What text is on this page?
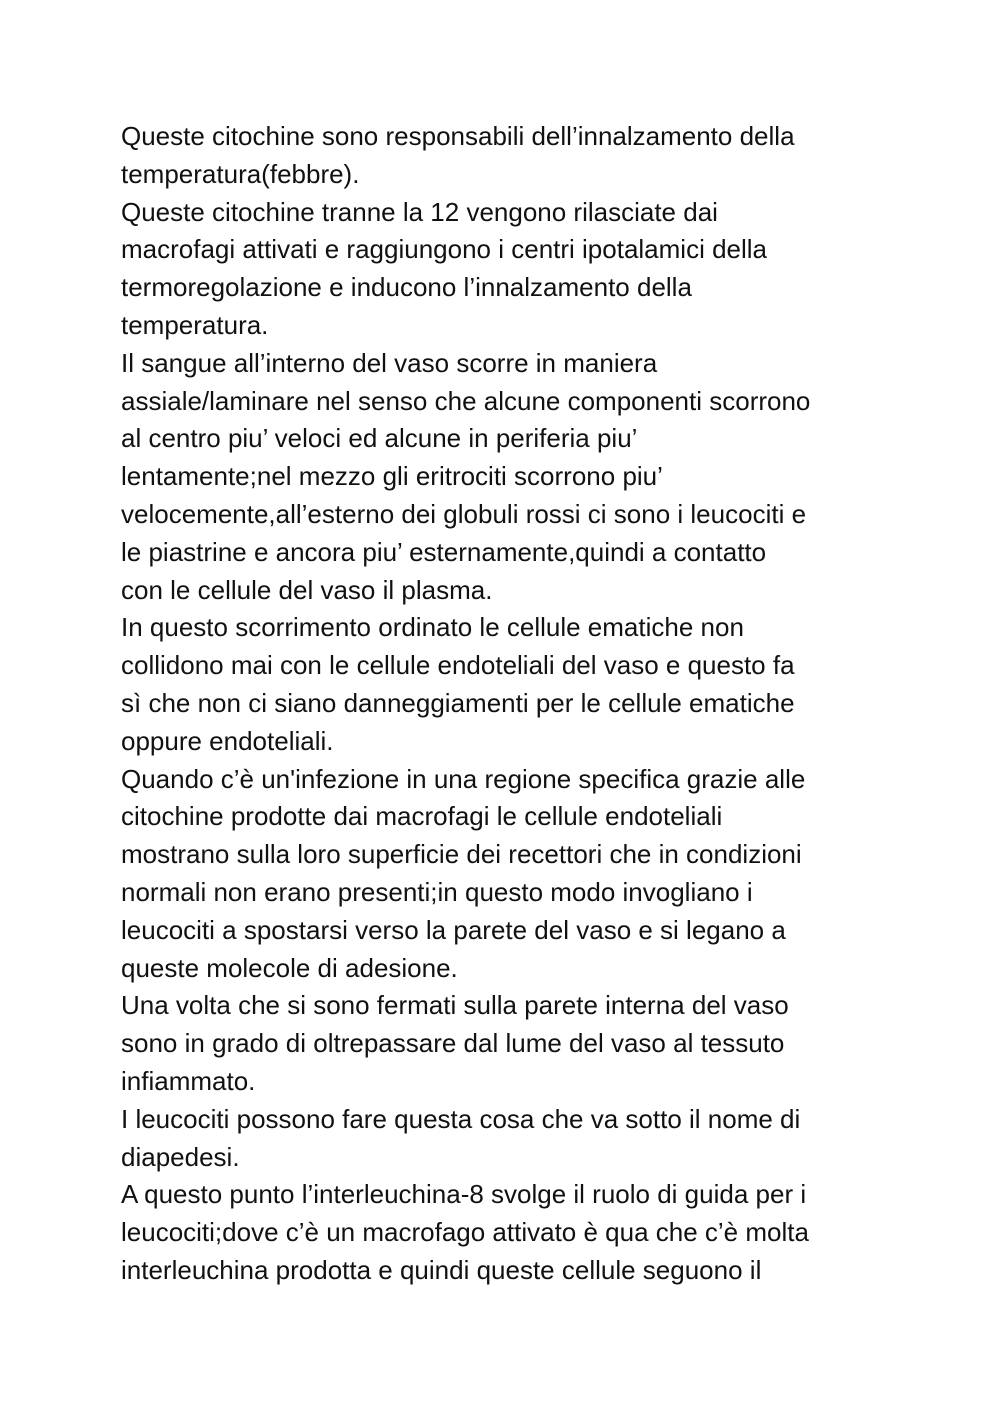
Queste citochine sono responsabili dell’innalzamento della
temperatura(febbre).
Queste citochine tranne la 12 vengono rilasciate dai
macrofagi attivati e raggiungono i centri ipotalamici della
termoregolazione e inducono l’innalzamento della
temperatura.
Il sangue all’interno del vaso scorre in maniera
assiale/laminare nel senso che alcune componenti scorrono
al centro piu’ veloci ed alcune in periferia piu’
lentamente;nel mezzo gli eritrociti scorrono piu’
velocemente,all’esterno dei globuli rossi ci sono i leucociti e
le piastrine e ancora piu’ esternamente,quindi a contatto
con le cellule del vaso il plasma.
In questo scorrimento ordinato le cellule ematiche non
collidono mai con le cellule endoteliali del vaso e questo fa
sì che non ci siano danneggiamenti per le cellule ematiche
oppure endoteliali.
Quando c’è un'infezione in una regione specifica grazie alle
citochine prodotte dai macrofagi le cellule endoteliali
mostrano sulla loro superficie dei recettori che in condizioni
normali non erano presenti;in questo modo invogliano i
leucociti a spostarsi verso la parete del vaso e si legano a
queste molecole di adesione.
Una volta che si sono fermati sulla parete interna del vaso
sono in grado di oltrepassare dal lume del vaso al tessuto
infiammato.
I leucociti possono fare questa cosa che va sotto il nome di
diapedesi.
A questo punto l’interleuchina-8 svolge il ruolo di guida per i
leucociti;dove c’è un macrofago attivato è qua che c’è molta
interleuchina prodotta e quindi queste cellule seguono il
